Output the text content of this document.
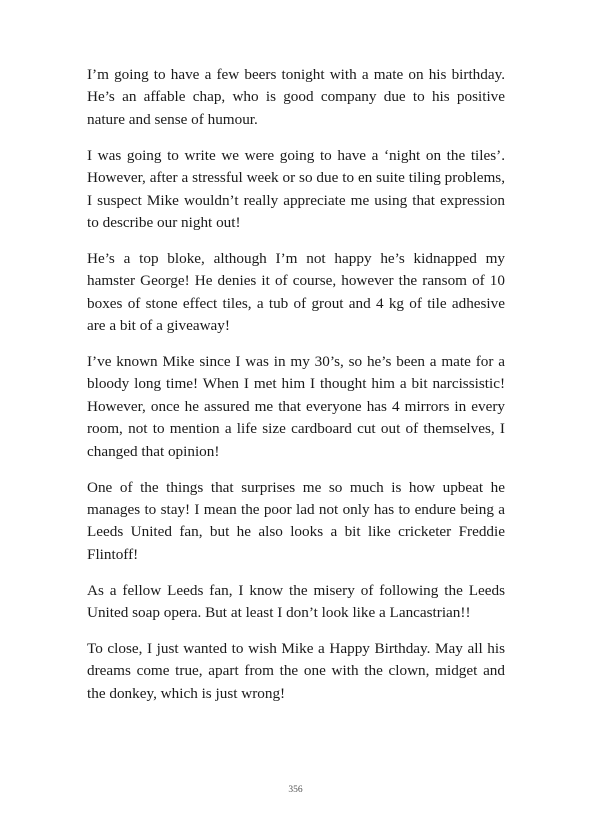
I’m going to have a few beers tonight with a mate on his birthday. He’s an affable chap, who is good company due to his positive nature and sense of humour.

I was going to write we were going to have a ‘night on the tiles’. However, after a stressful week or so due to en suite tiling problems, I suspect Mike wouldn’t really appreciate me using that expression to describe our night out!

He’s a top bloke, although I’m not happy he’s kidnapped my hamster George! He denies it of course, however the ransom of 10 boxes of stone effect tiles, a tub of grout and 4 kg of tile adhesive are a bit of a giveaway!

I’ve known Mike since I was in my 30’s, so he’s been a mate for a bloody long time! When I met him I thought him a bit narcissistic! However, once he assured me that everyone has 4 mirrors in every room, not to mention a life size cardboard cut out of themselves, I changed that opinion!

One of the things that surprises me so much is how upbeat he manages to stay! I mean the poor lad not only has to endure being a Leeds United fan, but he also looks a bit like cricketer Freddie Flintoff!

As a fellow Leeds fan, I know the misery of following the Leeds United soap opera. But at least I don’t look like a Lancastrian!!

To close, I just wanted to wish Mike a Happy Birthday. May all his dreams come true, apart from the one with the clown, midget and the donkey, which is just wrong!

356
